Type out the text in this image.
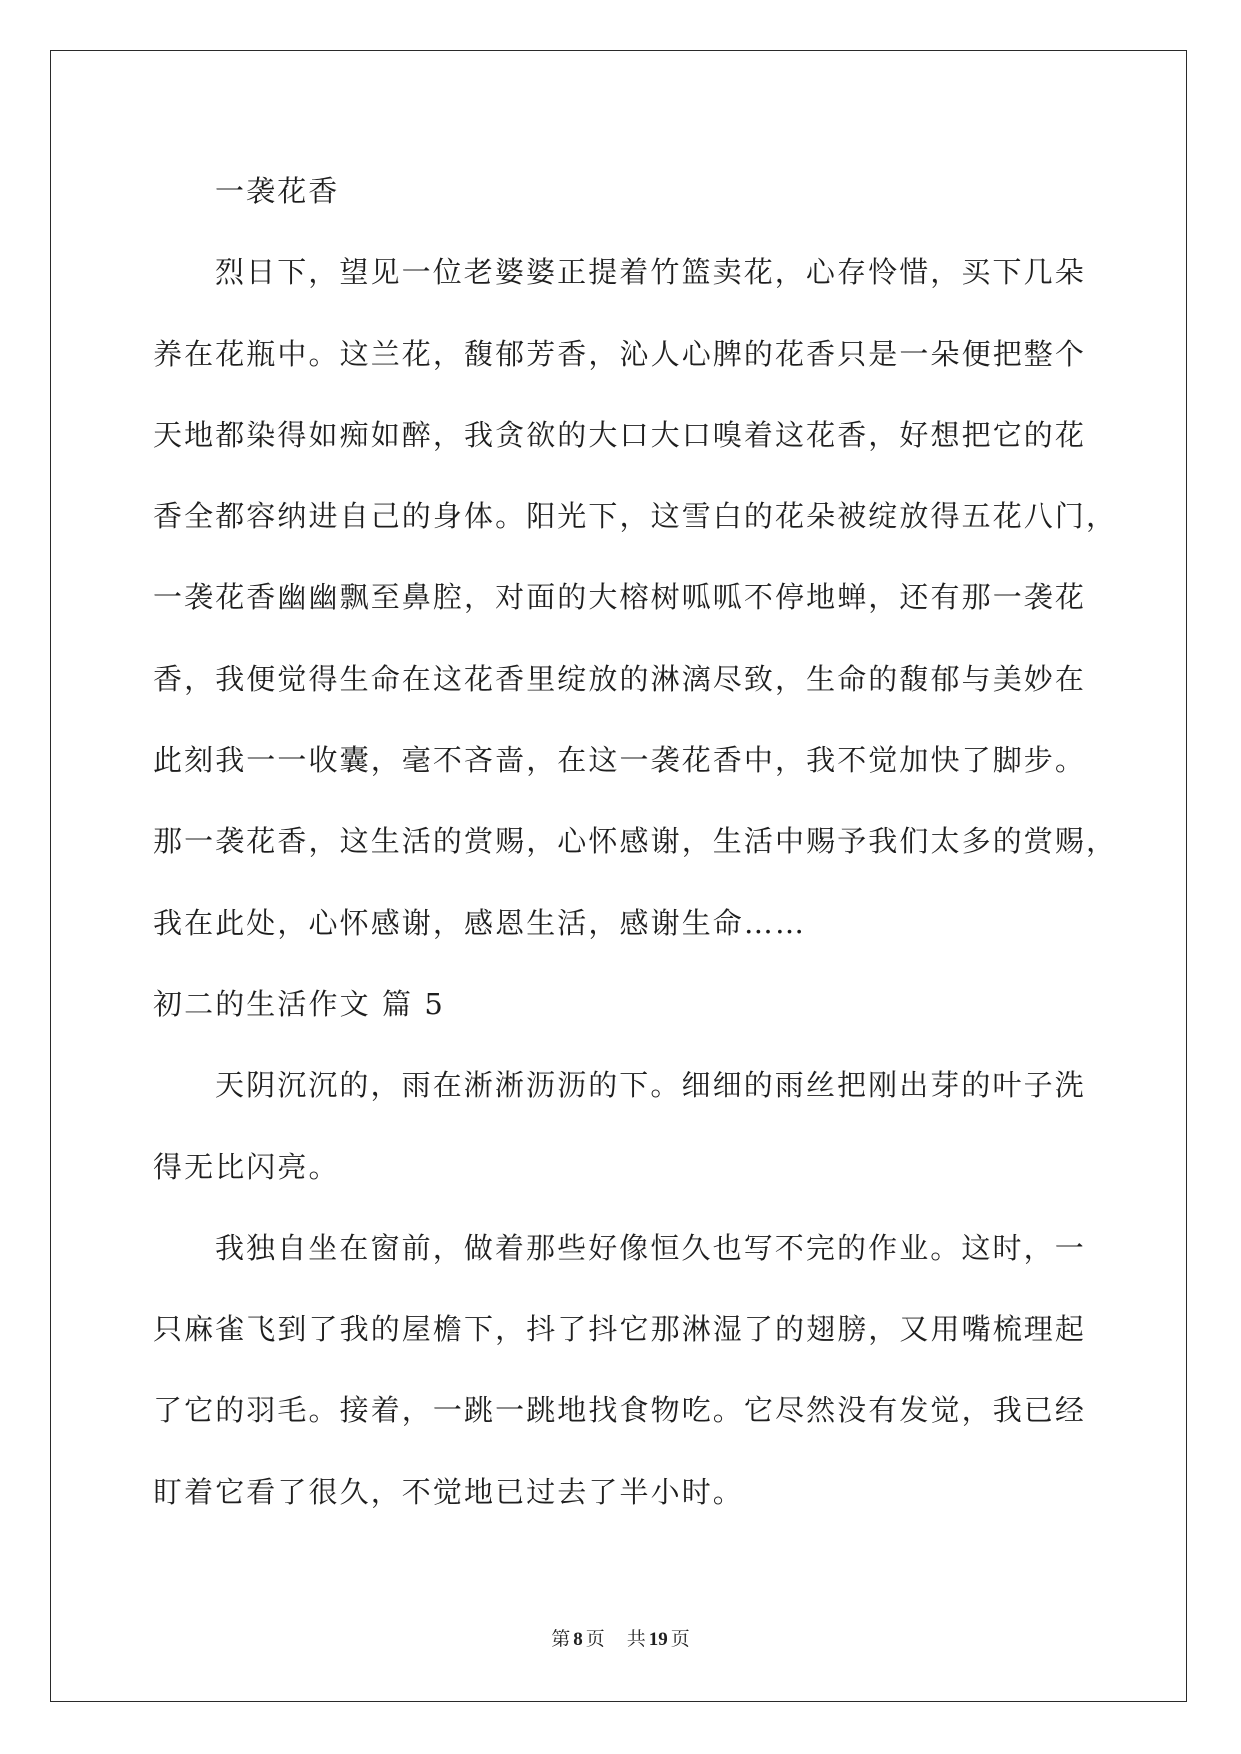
一袭花香
烈日下，望见一位老婆婆正提着竹篮卖花，心存怜惜，买下几朵
养在花瓶中。这兰花，馥郁芳香，沁人心脾的花香只是一朵便把整个
天地都染得如痴如醉，我贪欲的大口大口嗅着这花香，好想把它的花
香全都容纳进自己的身体。阳光下，这雪白的花朵被绽放得五花八门，
一袭花香幽幽飘至鼻腔，对面的大榕树呱呱不停地蝉，还有那一袭花
香，我便觉得生命在这花香里绽放的淋漓尽致，生命的馥郁与美妙在
此刻我一一收囊，毫不吝啬，在这一袭花香中，我不觉加快了脚步。
那一袭花香，这生活的赏赐，心怀感谢，生活中赐予我们太多的赏赐，
我在此处，心怀感谢，感恩生活，感谢生命……
初二的生活作文 篇 5
天阴沉沉的，雨在淅淅沥沥的下。细细的雨丝把刚出芽的叶子洗
得无比闪亮。
我独自坐在窗前，做着那些好像恒久也写不完的作业。这时，一
只麻雀飞到了我的屋檐下，抖了抖它那淋湿了的翅膀，又用嘴梳理起
了它的羽毛。接着，一跳一跳地找食物吃。它尽然没有发觉，我已经
盯着它看了很久，不觉地已过去了半小时。
第 8 页 共 19 页
